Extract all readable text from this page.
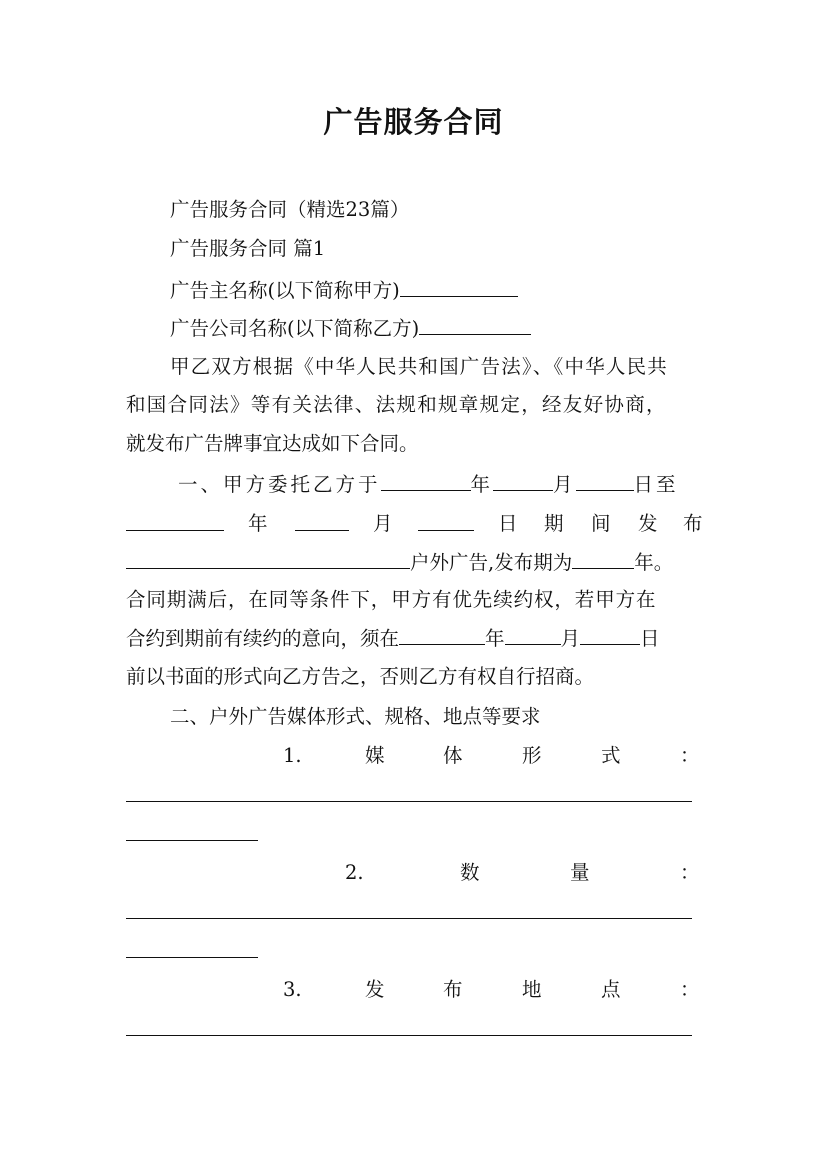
广告服务合同
广告服务合同（精选23篇）
广告服务合同 篇1
广告主名称(以下简称甲方)
广告公司名称(以下简称乙方)
甲乙双方根据《中华人民共和国广告法》、《中华人民共
和国合同法》等有关法律、法规和规章规定，经友好协商，
就发布广告牌事宜达成如下合同。
一、甲方委托乙方于	年	月	日至
年	月	日 期 间 发 布
户外广告,发布期为	年。
合同期满后，在同等条件下，甲方有优先续约权，若甲方在
合约到期前有续约的意向，须在	年	月	日
前以书面的形式向乙方告之，否则乙方有权自行招商。
二、户外广告媒体形式、规格、地点等要求
1.	媒	体	形	式	：
2.	数	量	：
3.	发	布	地	点	：
